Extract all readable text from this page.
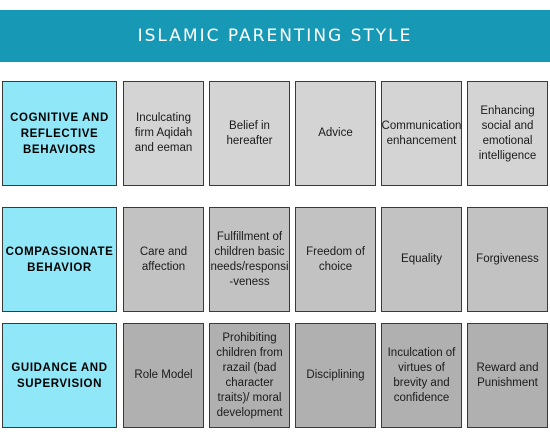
ISLAMIC PARENTING STYLE
COGNITIVE AND REFLECTIVE BEHAVIORS
Inculcating firm Aqidah and eeman
Belief in hereafter
Advice
Communication enhancement
Enhancing social and emotional intelligence
COMPASSIONATE BEHAVIOR
Care and affection
Fulfillment of children basic needs/responsi -veness
Freedom of choice
Equality	Forgiveness
GUIDANCE AND SUPERVISION
Role Model
Prohibiting children from razail (bad character traits)/ moral development
Disciplining
Inculcation of virtues of brevity and confidence
Reward and Punishment
